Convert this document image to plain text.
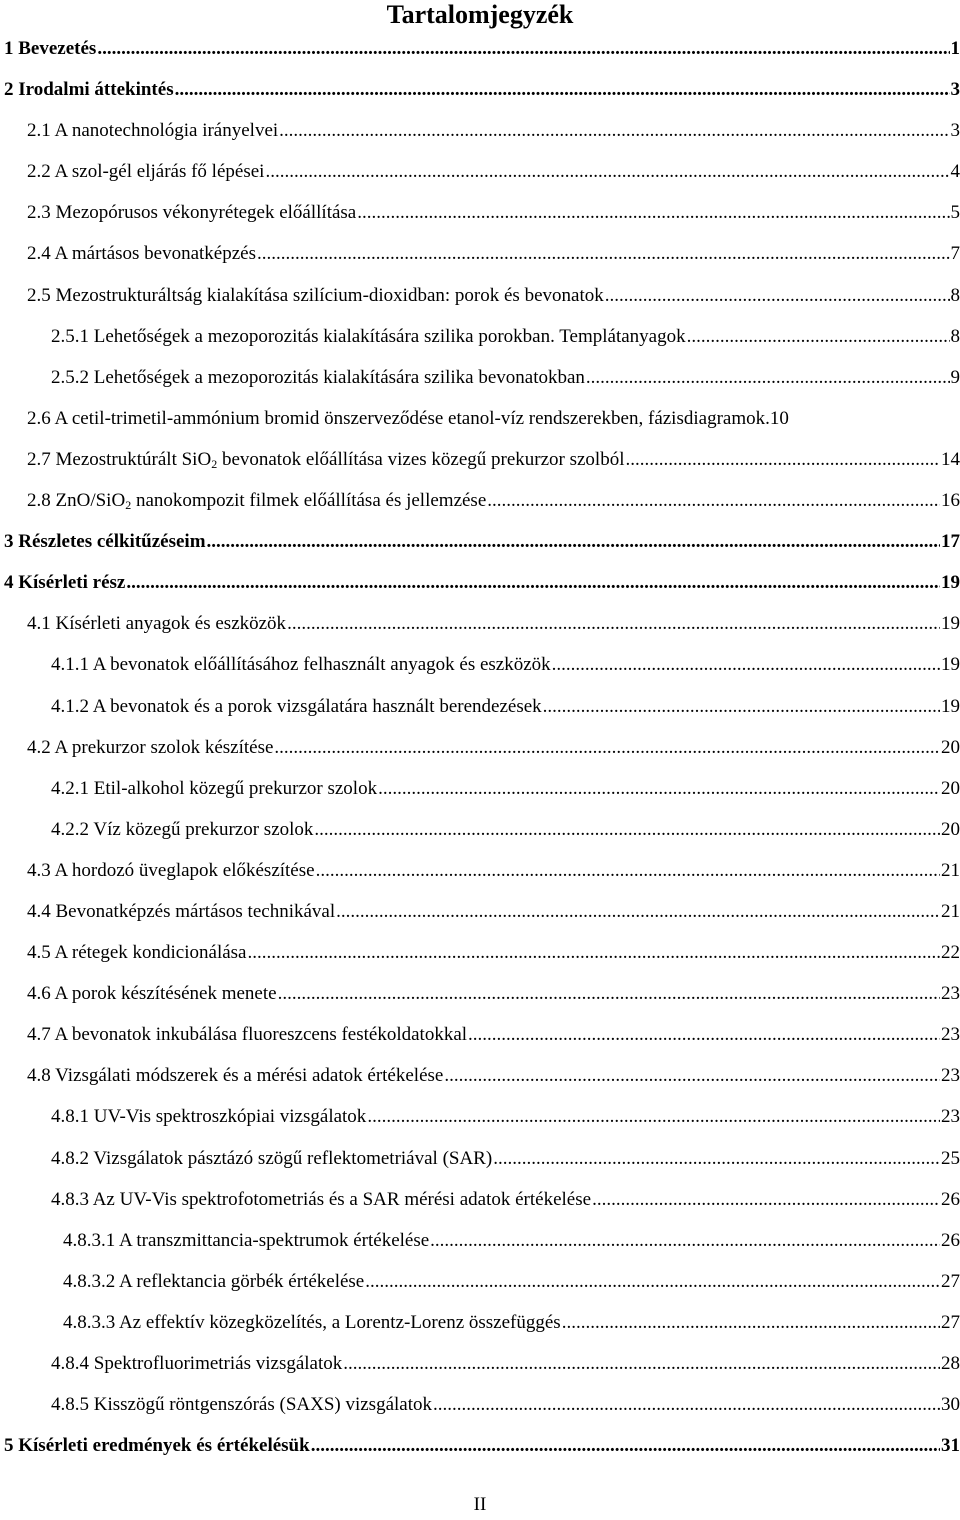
Tartalomjegyzék
1 Bevezetés .....	1
2 Irodalmi áttekintés .....	3
2.1 A nanotechnológia irányelvei .....	3
2.2 A szol-gél eljárás fő lépései .....	4
2.3 Mezopórusos vékonyrétegek előállítása .....	5
2.4 A mártásos bevonatképzés .....	7
2.5 Mezostrukturáltság kialakítása szilícium-dioxidban: porok és bevonatok .....	8
2.5.1 Lehetőségek a mezoporozitás kialakítására szilika porokban. Templátanyagok .....	8
2.5.2 Lehetőségek a mezoporozitás kialakítására szilika bevonatokban .....	9
2.6 A cetil-trimetil-ammónium bromid önszerveződése etanol-víz rendszerekben, fázisdiagramok. 10
2.7 Mezostruktúrált SiO$_2$ bevonatok előállítása vizes közegű prekurzor szolból .....	14
2.8 ZnO/SiO$_2$ nanokompozit filmek előállítása és jellemzése .....	16
3 Részletes célkitűzéseim .....	17
4 Kísérleti rész .....	19
4.1 Kísérleti anyagok és eszközök .....	19
4.1.1 A bevonatok előállításához felhasznált anyagok és eszközök .....	19
4.1.2 A bevonatok és a porok vizsgálatára használt berendezések .....	19
4.2 A prekurzor szolok készítése .....	20
4.2.1 Etil-alkohol közegű prekurzor szolok .....	20
4.2.2 Víz közegű prekurzor szolok .....	20
4.3 A hordozó üveglapok előkészítése .....	21
4.4 Bevonatképzés mártásos technikával .....	21
4.5 A rétegek kondicionálása .....	22
4.6 A porok készítésének menete .....	23
4.7 A bevonatok inkubálása fluoreszcens festékoldatokkal .....	23
4.8 Vizsgálati módszerek és a mérési adatok értékelése .....	23
4.8.1 UV-Vis spektroszkópiai vizsgálatok .....	23
4.8.2 Vizsgálatok pásztázó szögű reflektometriával (SAR) .....	25
4.8.3 Az UV-Vis spektrofotometriás és a SAR mérési adatok értékelése .....	26
4.8.3.1 A transzmittancia-spektrumok értékelése .....	26
4.8.3.2 A reflektancia görbék értékelése .....	27
4.8.3.3 Az effektív közegközelítés, a Lorentz-Lorenz összefüggés .....	27
4.8.4 Spektrofluorimetriás vizsgálatok .....	28
4.8.5 Kisszögű röntgenszórás (SAXS) vizsgálatok .....	30
5 Kísérleti eredmények és értékelésük .....	31
II
